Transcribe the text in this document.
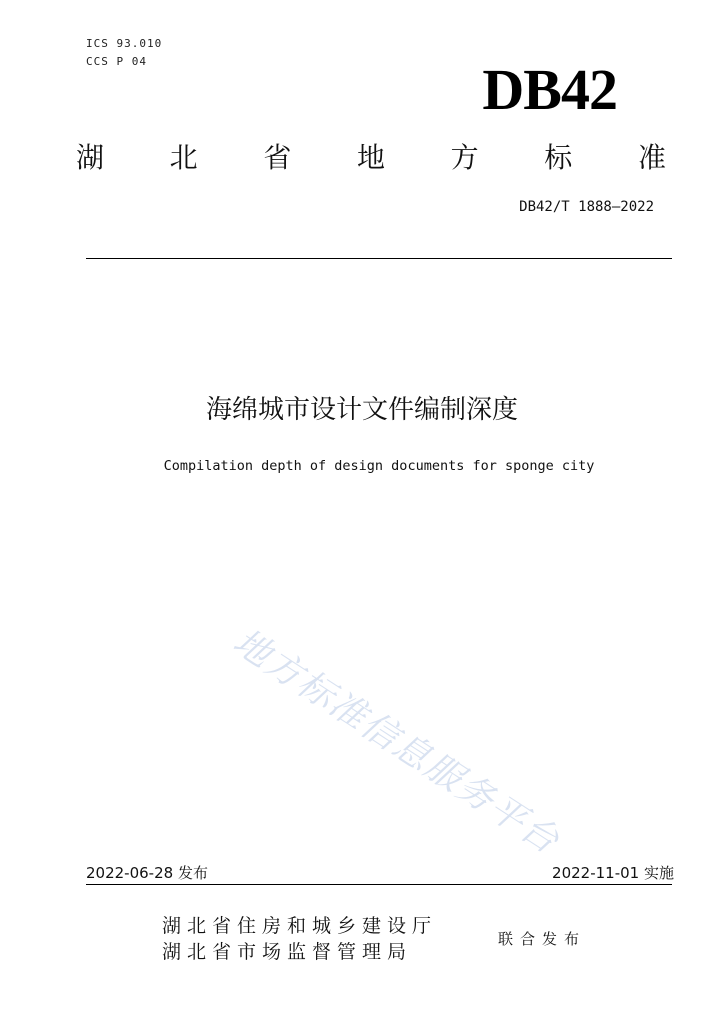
ICS 93.010
CCS P 04	DB42
湖 北 省 地 方 标 准
DB42/T 1888—2022
海绵城市设计文件编制深度
Compilation depth of design documents for sponge city
地方标准信息服务平台
2022-06-28 发布	2022-11-01 实施
湖北省住房和城乡建设厅
湖北省市场监督管理局
联合发布
